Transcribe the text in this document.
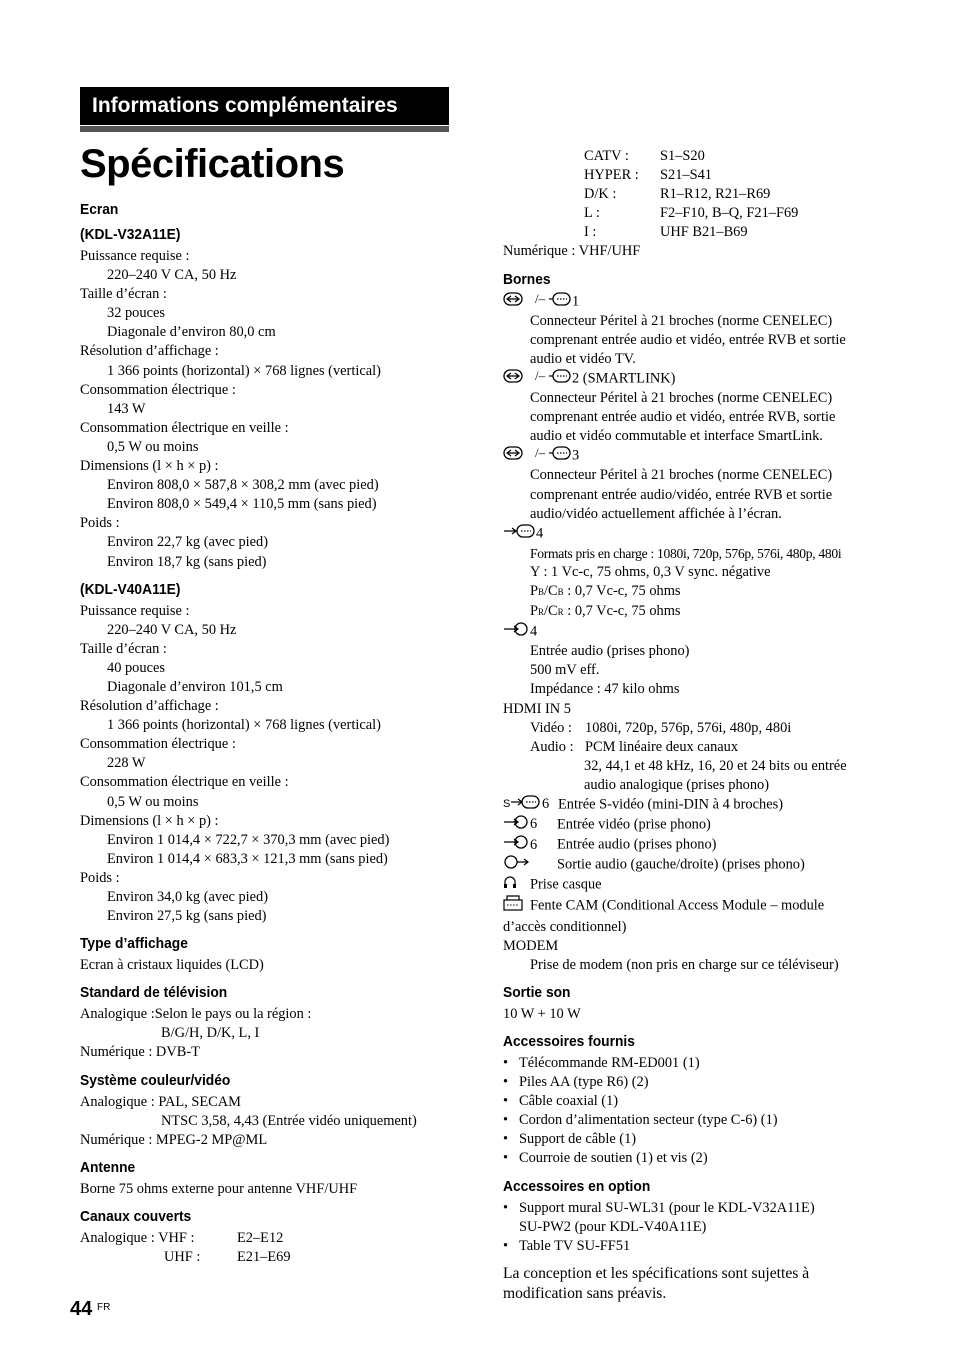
Informations complémentaires
Spécifications
Ecran
(KDL-V32A11E)
Puissance requise :
220–240 V CA, 50 Hz
Taille d’écran :
32 pouces
Diagonale d’environ 80,0 cm
Résolution d’affichage :
1 366 points (horizontal) × 768 lignes (vertical)
Consommation électrique :
143 W
Consommation électrique en veille :
0,5 W ou moins
Dimensions (l × h × p) :
Environ 808,0 × 587,8 × 308,2 mm (avec pied)
Environ 808,0 × 549,4 × 110,5 mm (sans pied)
Poids :
Environ 22,7 kg (avec pied)
Environ 18,7 kg (sans pied)
(KDL-V40A11E)
Puissance requise :
220–240 V CA, 50 Hz
Taille d’écran :
40 pouces
Diagonale d’environ 101,5 cm
Résolution d’affichage :
1 366 points (horizontal) × 768 lignes (vertical)
Consommation électrique :
228 W
Consommation électrique en veille :
0,5 W ou moins
Dimensions (l × h × p) :
Environ 1 014,4 × 722,7 × 370,3 mm (avec pied)
Environ 1 014,4 × 683,3 × 121,3 mm (sans pied)
Poids :
Environ 34,0 kg (avec pied)
Environ 27,5 kg (sans pied)
Type d’affichage
Ecran à cristaux liquides (LCD)
Standard de télévision
Analogique :Selon le pays ou la région :
B/G/H, D/K, L, I
Numérique : DVB-T
Système couleur/vidéo
Analogique : PAL, SECAM
NTSC 3,58, 4,43 (Entrée vidéo uniquement)
Numérique : MPEG-2 MP@ML
Antenne
Borne 75 ohms externe pour antenne VHF/UHF
Canaux couverts
Analogique : VHF :	E2–E12
UHF :	E21–E69
CATV : S1–S20
HYPER : S21–S41
D/K :	R1–R12, R21–R69
L :	F2–F10, B–Q, F21–F69
I :	UHF B21–B69
Numérique : VHF/UHF
Bornes
/– 1
Connecteur Péritel à 21 broches (norme CENELEC)
comprenant entrée audio et vidéo, entrée RVB et sortie
audio et vidéo TV.
/– 2 (SMARTLINK)
Connecteur Péritel à 21 broches (norme CENELEC)
comprenant entrée audio et vidéo, entrée RVB, sortie
audio et vidéo commutable et interface SmartLink.
/– 3
Connecteur Péritel à 21 broches (norme CENELEC)
comprenant entrée audio/vidéo, entrée RVB et sortie
audio/vidéo actuellement affichée à l’écran.
4
Formats pris en charge : 1080i, 720p, 576p, 576i, 480p, 480i
Y : 1 Vc-c, 75 ohms, 0,3 V sync. négative
PB/CB : 0,7 Vc-c, 75 ohms
PR/CR : 0,7 Vc-c, 75 ohms
4
Entrée audio (prises phono)
500 mV eff.
Impédance : 47 kilo ohms
HDMI IN 5
Vidéo : 1080i, 720p, 576p, 576i, 480p, 480i
Audio : PCM linéaire deux canaux
32, 44,1 et 48 kHz, 16, 20 et 24 bits ou entrée
audio analogique (prises phono)
S 6 Entrée S-vidéo (mini-DIN à 4 broches)
6 Entrée vidéo (prise phono)
6 Entrée audio (prises phono)
Sortie audio (gauche/droite) (prises phono)
Prise casque
Fente CAM (Conditional Access Module – module
d’accès conditionnel)
MODEM
Prise de modem (non pris en charge sur ce téléviseur)
Sortie son
10 W + 10 W
Accessoires fournis
• Télécommande RM-ED001 (1)
• Piles AA (type R6) (2)
• Câble coaxial (1)
• Cordon d’alimentation secteur (type C-6) (1)
• Support de câble (1)
• Courroie de soutien (1) et vis (2)
Accessoires en option
• Support mural SU-WL31 (pour le KDL-V32A11E)
SU-PW2 (pour KDL-V40A11E)
• Table TV SU-FF51
La conception et les spécifications sont sujettes à
modification sans préavis.
44 FR
